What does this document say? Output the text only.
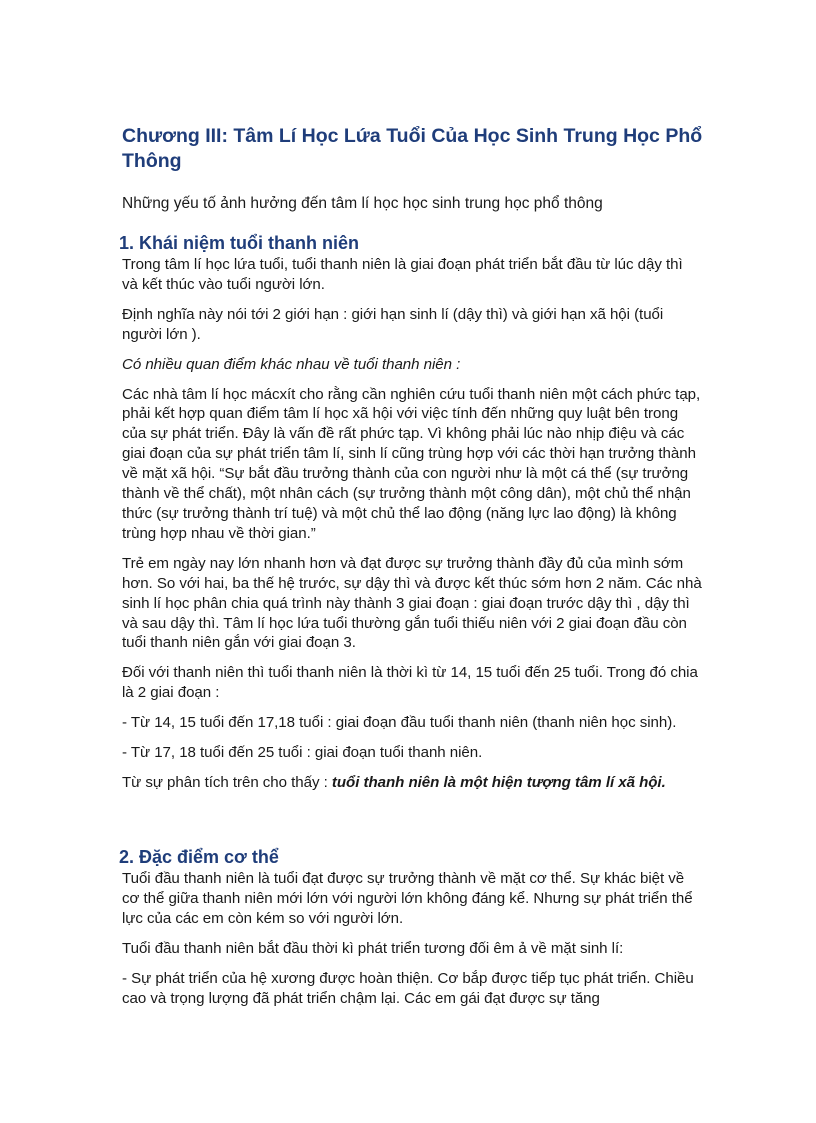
Chương III: Tâm Lí Học Lứa Tuổi Của Học Sinh Trung Học Phổ Thông

Những yếu tố ảnh hưởng đến tâm lí học học sinh trung học phổ thông

1. Khái niệm tuổi thanh niên

Trong tâm lí học lứa tuổi, tuổi thanh niên là giai đoạn phát triển bắt đầu từ lúc dậy thì và kết thúc vào tuổi người lớn.

Định nghĩa này nói tới 2 giới hạn : giới hạn sinh lí (dậy thì) và giới hạn xã hội (tuổi người lớn ).

Có nhiều quan điểm khác nhau về tuổi thanh niên :

Các nhà tâm lí học mácxít cho rằng cần nghiên cứu tuổi thanh niên một cách phức tạp, phải kết hợp quan điểm tâm lí học xã hội với việc tính đến những quy luật bên trong của sự phát triển. Đây là vấn đề rất phức tạp. Vì không phải lúc nào nhịp điệu và các giai đoạn của sự phát triển tâm lí, sinh lí cũng trùng hợp với các thời hạn trưởng thành về mặt xã hội. “Sự bắt đầu trưởng thành của con người như là một cá thể (sự trưởng thành về thể chất), một nhân cách (sự trưởng thành một công dân), một chủ thể nhận thức (sự trưởng thành trí tuệ) và một chủ thể lao động (năng lực lao động) là không trùng hợp nhau về thời gian.”

Trẻ em ngày nay lớn nhanh hơn và đạt được sự trưởng thành đầy đủ của mình sớm hơn. So với hai, ba thế hệ trước, sự dậy thì và được kết thúc sớm hơn 2 năm. Các nhà sinh lí học phân chia quá trình này thành 3 giai đoạn : giai đoạn trước dậy thì , dậy thì và sau dậy thì. Tâm lí học lứa tuổi thường gắn tuổi thiếu niên với 2 giai đoạn đầu còn tuổi thanh niên gắn với giai đoạn 3.

Đối với thanh niên thì tuổi thanh niên là thời kì từ 14, 15 tuổi đến 25 tuổi. Trong đó chia là 2 giai đoạn :

- Từ 14, 15 tuổi đến 17,18 tuổi : giai đoạn đầu tuổi thanh niên (thanh niên học sinh).

- Từ 17, 18 tuổi đến 25 tuổi : giai đoạn tuổi thanh niên.

Từ sự phân tích trên cho thấy : tuổi thanh niên là một hiện tượng tâm lí xã hội.

2. Đặc điểm cơ thể

Tuổi đầu thanh niên là tuổi đạt được sự trưởng thành về mặt cơ thể. Sự khác biệt về cơ thể giữa thanh niên mới lớn với người lớn không đáng kể. Nhưng sự phát triển thể lực của các em còn kém so với người lớn.

Tuổi đầu thanh niên bắt đầu thời kì phát triển tương đối êm ả về mặt sinh lí:

- Sự phát triển của hệ xương được hoàn thiện. Cơ bắp được tiếp tục phát triển. Chiều cao và trọng lượng đã phát triển chậm lại. Các em gái đạt được sự tăng
